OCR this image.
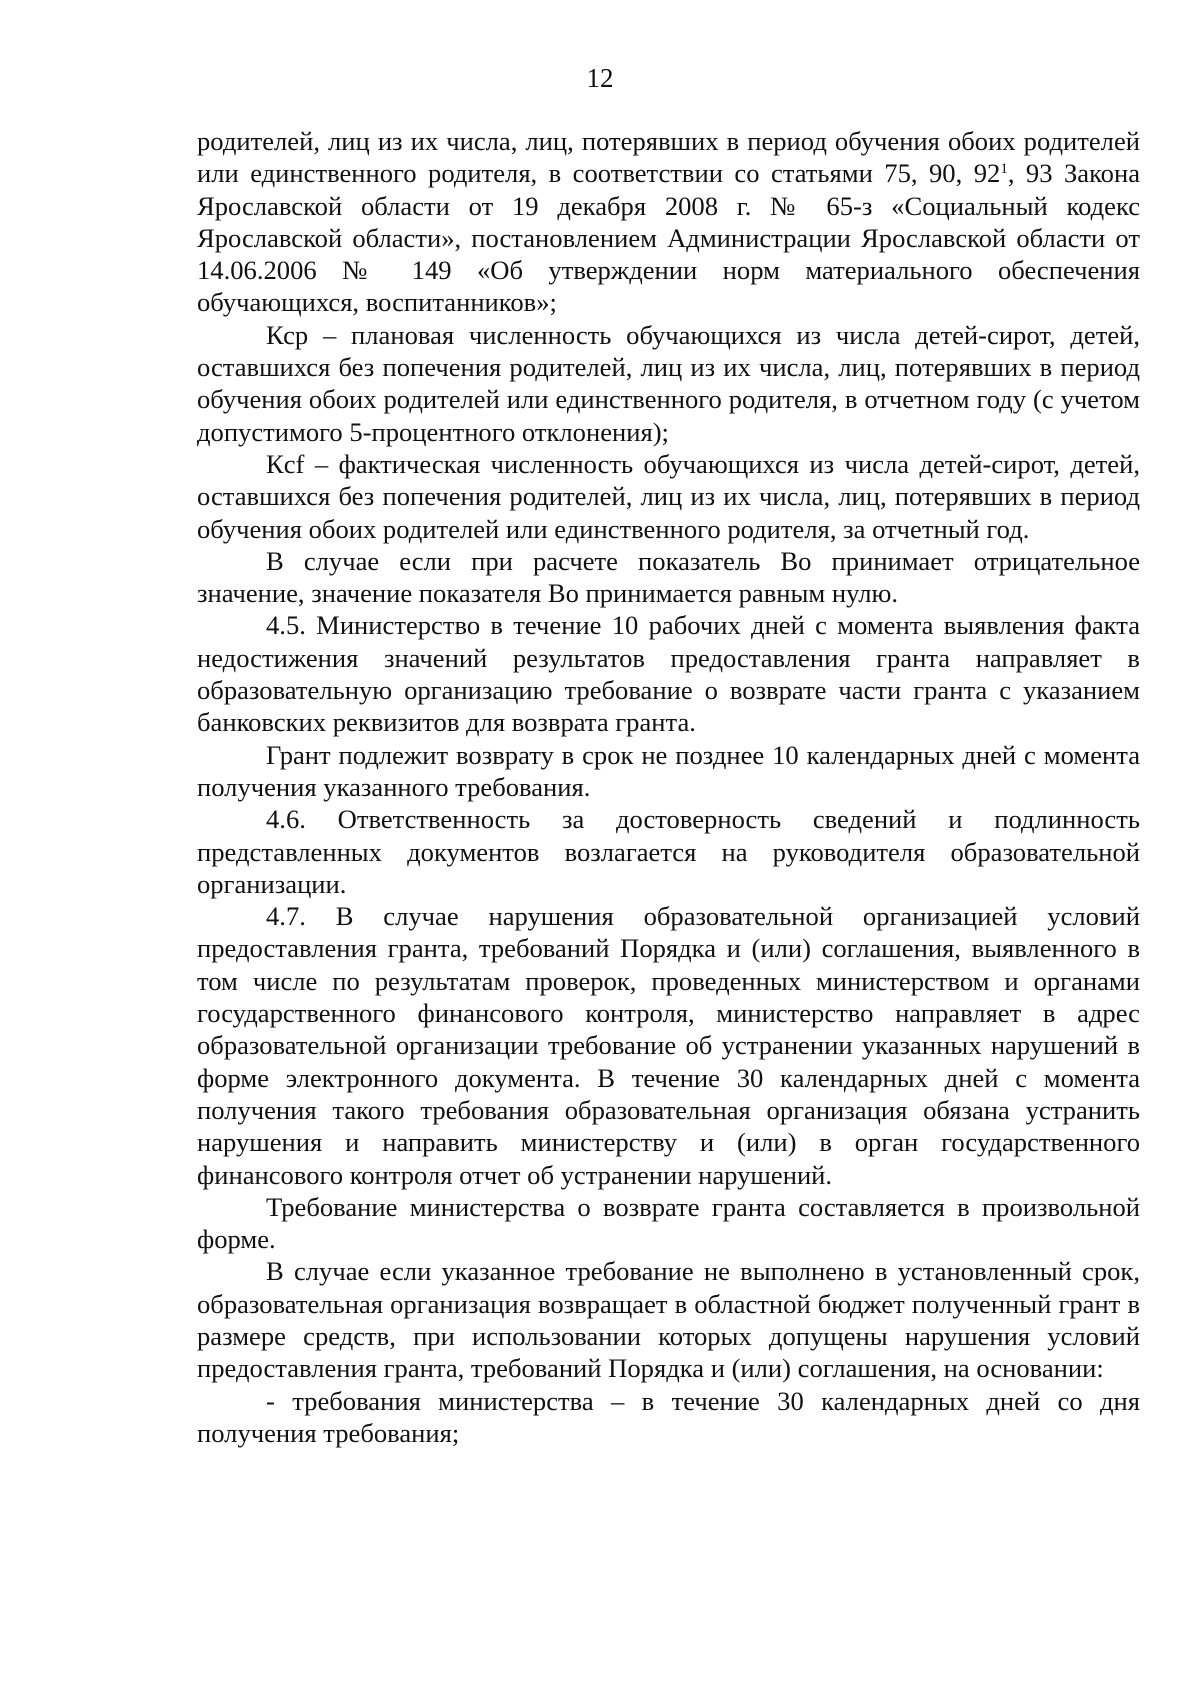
12

родителей, лиц из их числа, лиц, потерявших в период обучения обоих родителей или единственного родителя, в соответствии со статьями 75, 90, $92^1$, 93 Закона Ярославской области от 19 декабря 2008 г. № 65-з «Социальный кодекс Ярославской области», постановлением Администрации Ярославской области от 14.06.2006 № 149 «Об утверждении норм материального обеспечения обучающихся, воспитанников»;

Кср – плановая численность обучающихся из числа детей-сирот, детей, оставшихся без попечения родителей, лиц из их числа, лиц, потерявших в период обучения обоих родителей или единственного родителя, в отчетном году (с учетом допустимого 5-процентного отклонения);

Кcf – фактическая численность обучающихся из числа детей-сирот, детей, оставшихся без попечения родителей, лиц из их числа, лиц, потерявших в период обучения обоих родителей или единственного родителя, за отчетный год.

В случае если при расчете показатель Во принимает отрицательное значение, значение показателя Во принимается равным нулю.

4.5. Министерство в течение 10 рабочих дней с момента выявления факта недостижения значений результатов предоставления гранта направляет в образовательную организацию требование о возврате части гранта с указанием банковских реквизитов для возврата гранта.

Грант подлежит возврату в срок не позднее 10 календарных дней с момента получения указанного требования.

4.6. Ответственность за достоверность сведений и подлинность представленных документов возлагается на руководителя образовательной организации.

4.7. В случае нарушения образовательной организацией условий предоставления гранта, требований Порядка и (или) соглашения, выявленного в том числе по результатам проверок, проведенных министерством и органами государственного финансового контроля, министерство направляет в адрес образовательной организации требование об устранении указанных нарушений в форме электронного документа. В течение 30 календарных дней с момента получения такого требования образовательная организация обязана устранить нарушения и направить министерству и (или) в орган государственного финансового контроля отчет об устранении нарушений.

Требование министерства о возврате гранта составляется в произвольной форме.

В случае если указанное требование не выполнено в установленный срок, образовательная организация возвращает в областной бюджет полученный грант в размере средств, при использовании которых допущены нарушения условий предоставления гранта, требований Порядка и (или) соглашения, на основании:

- требования министерства – в течение 30 календарных дней со дня получения требования;
